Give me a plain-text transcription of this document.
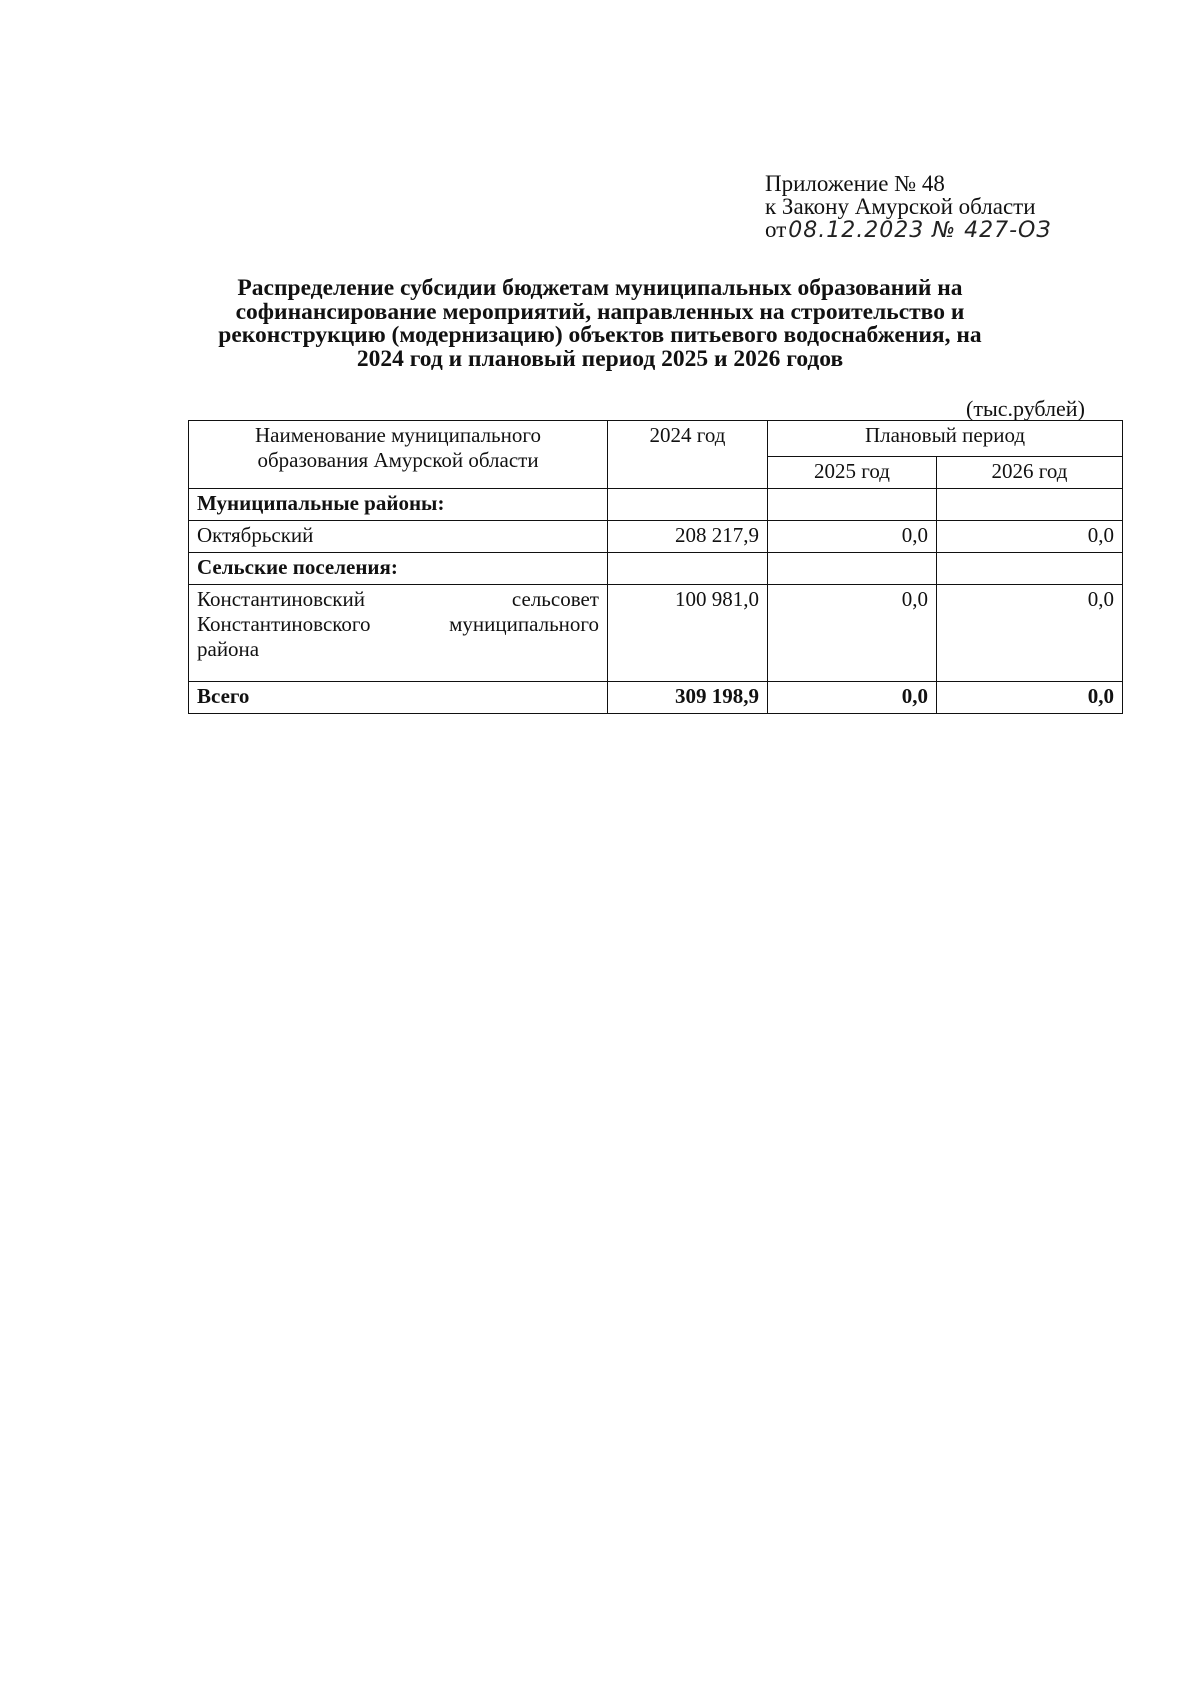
Приложение № 48
к Закону Амурской области
от08.12.2023 № 427-ОЗ
Распределение субсидии бюджетам муниципальных образований на
софинансирование мероприятий, направленных на строительство и
реконструкцию (модернизацию) объектов питьевого водоснабжения, на
2024 год и плановый период 2025 и 2026 годов
(тыс.рублей)
Наименование муниципального
образования Амурской области	2024 год	Плановый период	
		2025 год	2026 год
Муниципальные районы:			
Октябрьский	208 217,9	0,0	0,0
Сельские поселения:			

Константиновский сельсовет
Константиновского муниципального
района	100 981,0	0,0	0,0
Всего	309 198,9	0,0	0,0
